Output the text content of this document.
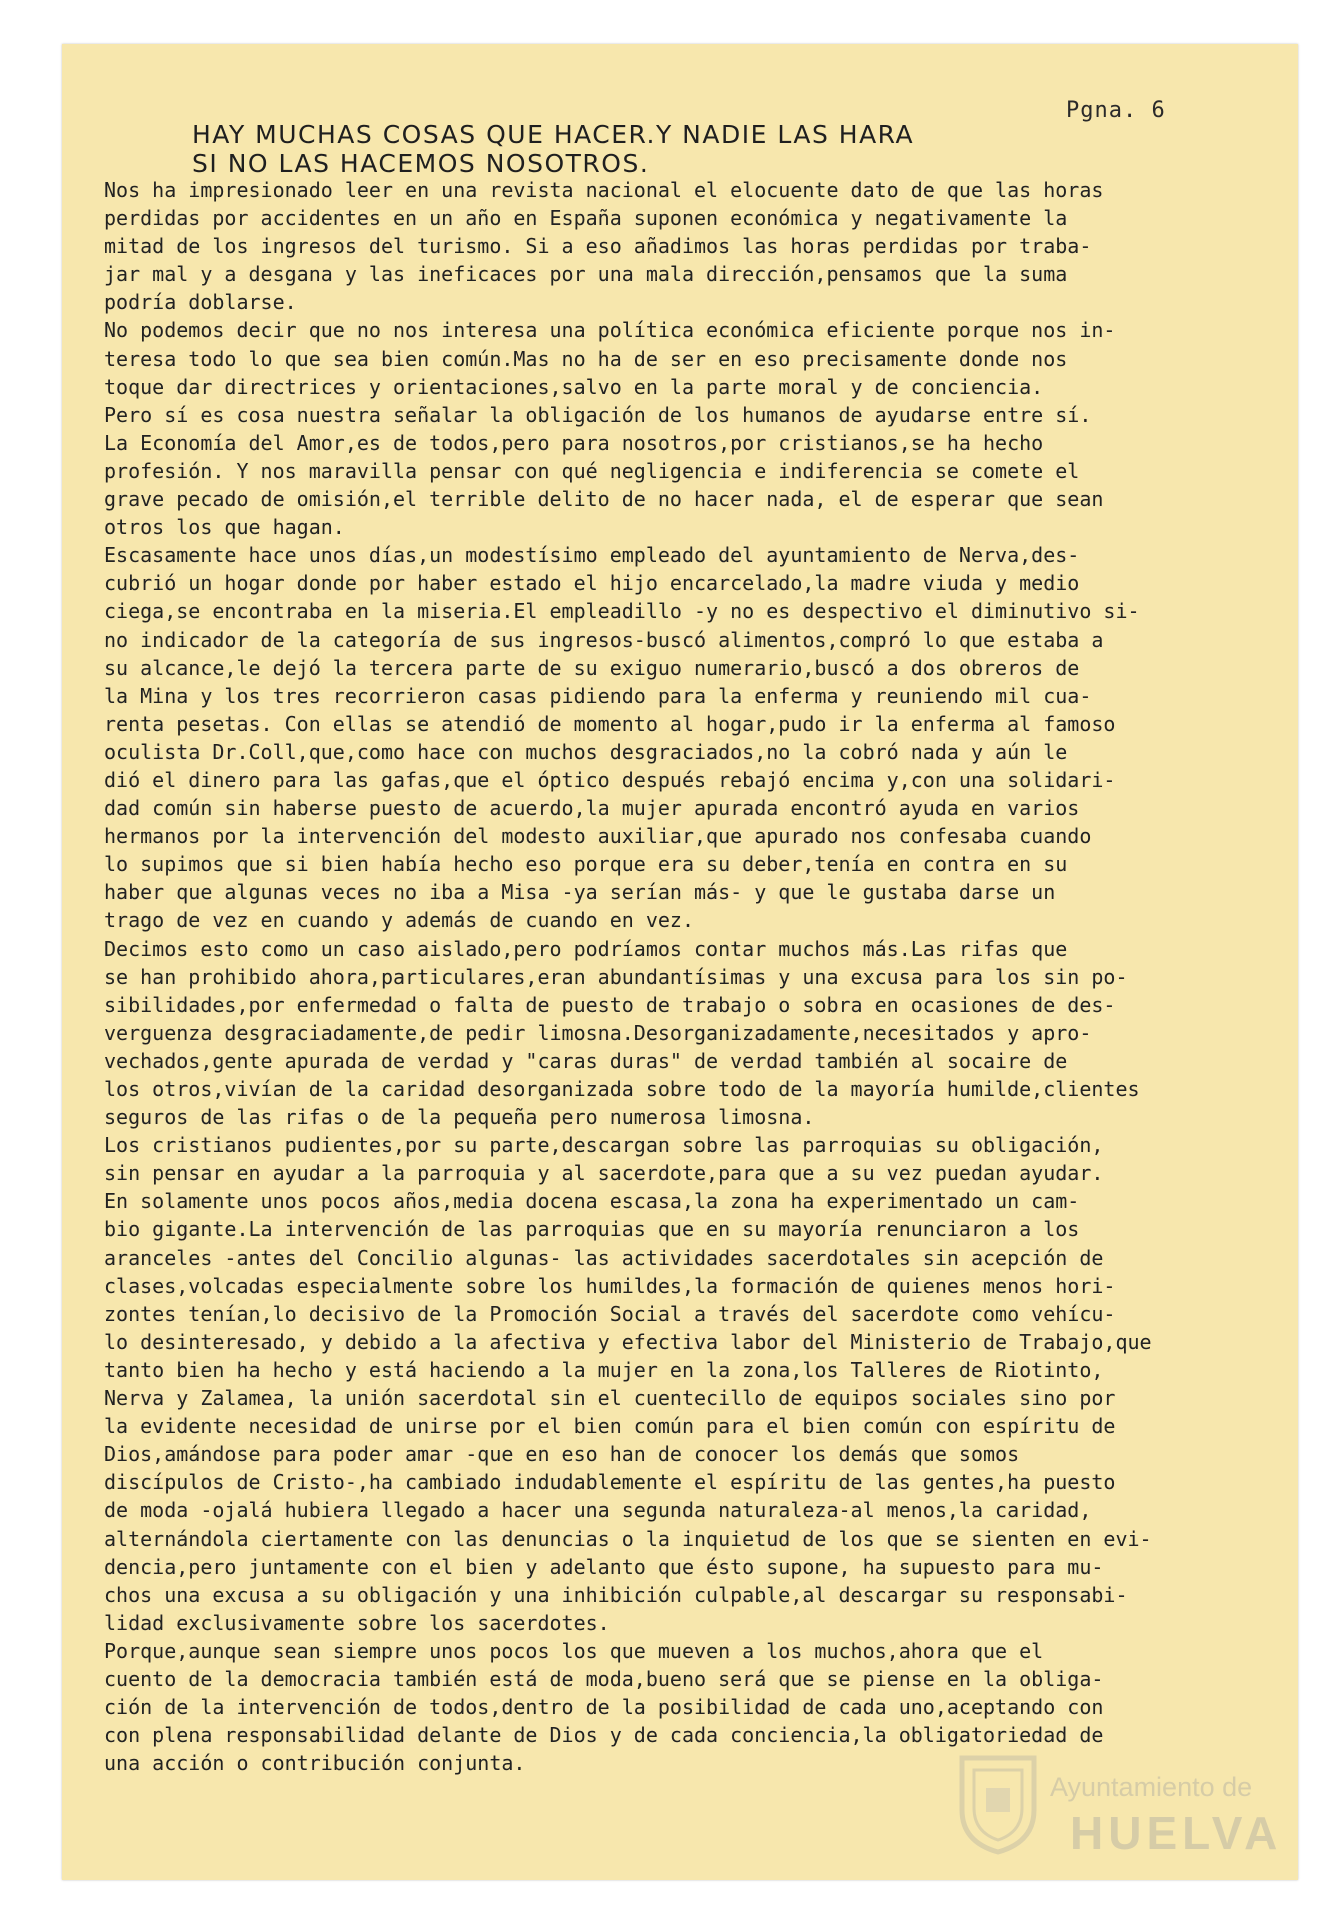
Pgna. 6
HAY MUCHAS COSAS QUE HACER.Y NADIE LAS HARA
SI NO LAS HACEMOS NOSOTROS.
Nos ha impresionado leer en una revista nacional el elocuente dato de que las horas
perdidas por accidentes en un año en España suponen económica y negativamente la
mitad de los ingresos del turismo. Si a eso añadimos las horas perdidas por traba-
jar mal y a desgana y las ineficaces por una mala dirección,pensamos que la suma
podría doblarse.
No podemos decir que no nos interesa una política económica eficiente porque nos in-
teresa todo lo que sea bien común.Mas no ha de ser en eso precisamente donde nos
toque dar directrices y orientaciones,salvo en la parte moral y de conciencia.
Pero sí es cosa nuestra señalar la obligación de los humanos de ayudarse entre sí.
La Economía del Amor,es de todos,pero para nosotros,por cristianos,se ha hecho
profesión. Y nos maravilla pensar con qué negligencia e indiferencia se comete el
grave pecado de omisión,el terrible delito de no hacer nada, el de esperar que sean
otros los que hagan.
Escasamente hace unos días,un modestísimo empleado del ayuntamiento de Nerva,des-
cubrió un hogar donde por haber estado el hijo encarcelado,la madre viuda y medio
ciega,se encontraba en la miseria.El empleadillo -y no es despectivo el diminutivo si-
no indicador de la categoría de sus ingresos-buscó alimentos,compró lo que estaba a
su alcance,le dejó la tercera parte de su exiguo numerario,buscó a dos obreros de
la Mina y los tres recorrieron casas pidiendo para la enferma y reuniendo mil cua-
renta pesetas. Con ellas se atendió de momento al hogar,pudo ir la enferma al famoso
oculista Dr.Coll,que,como hace con muchos desgraciados,no la cobró nada y aún le
dió el dinero para las gafas,que el óptico después rebajó encima y,con una solidari-
dad común sin haberse puesto de acuerdo,la mujer apurada encontró ayuda en varios
hermanos por la intervención del modesto auxiliar,que apurado nos confesaba cuando
lo supimos que si bien había hecho eso porque era su deber,tenía en contra en su
haber que algunas veces no iba a Misa -ya serían más- y que le gustaba darse un
trago de vez en cuando y además de cuando en vez.
Decimos esto como un caso aislado,pero podríamos contar muchos más.Las rifas que
se han prohibido ahora,particulares,eran abundantísimas y una excusa para los sin po-
sibilidades,por enfermedad o falta de puesto de trabajo o sobra en ocasiones de des-
verguenza desgraciadamente,de pedir limosna.Desorganizadamente,necesitados y apro-
vechados,gente apurada de verdad y "caras duras" de verdad también al socaire de
los otros,vivían de la caridad desorganizada sobre todo de la mayoría humilde,clientes
seguros de las rifas o de la pequeña pero numerosa limosna.
Los cristianos pudientes,por su parte,descargan sobre las parroquias su obligación,
sin pensar en ayudar a la parroquia y al sacerdote,para que a su vez puedan ayudar.
En solamente unos pocos años,media docena escasa,la zona ha experimentado un cam-
bio gigante.La intervención de las parroquias que en su mayoría renunciaron a los
aranceles -antes del Concilio algunas- las actividades sacerdotales sin acepción de
clases,volcadas especialmente sobre los humildes,la formación de quienes menos hori-
zontes tenían,lo decisivo de la Promoción Social a través del sacerdote como vehícu-
lo desinteresado, y debido a la afectiva y efectiva labor del Ministerio de Trabajo,que
tanto bien ha hecho y está haciendo a la mujer en la zona,los Talleres de Riotinto,
Nerva y Zalamea, la unión sacerdotal sin el cuentecillo de equipos sociales sino por
la evidente necesidad de unirse por el bien común para el bien común con espíritu de
Dios,amándose para poder amar -que en eso han de conocer los demás que somos
discípulos de Cristo-,ha cambiado indudablemente el espíritu de las gentes,ha puesto
de moda -ojalá hubiera llegado a hacer una segunda naturaleza-al menos,la caridad,
alternándola ciertamente con las denuncias o la inquietud de los que se sienten en evi-
dencia,pero juntamente con el bien y adelanto que ésto supone, ha supuesto para mu-
chos una excusa a su obligación y una inhibición culpable,al descargar su responsabi-
lidad exclusivamente sobre los sacerdotes.
Porque,aunque sean siempre unos pocos los que mueven a los muchos,ahora que el
cuento de la democracia también está de moda,bueno será que se piense en la obliga-
ción de la intervención de todos,dentro de la posibilidad de cada uno,aceptando con
con plena responsabilidad delante de Dios y de cada conciencia,la obligatoriedad de
una acción o contribución conjunta.
Ayuntamiento de
HUELVA
